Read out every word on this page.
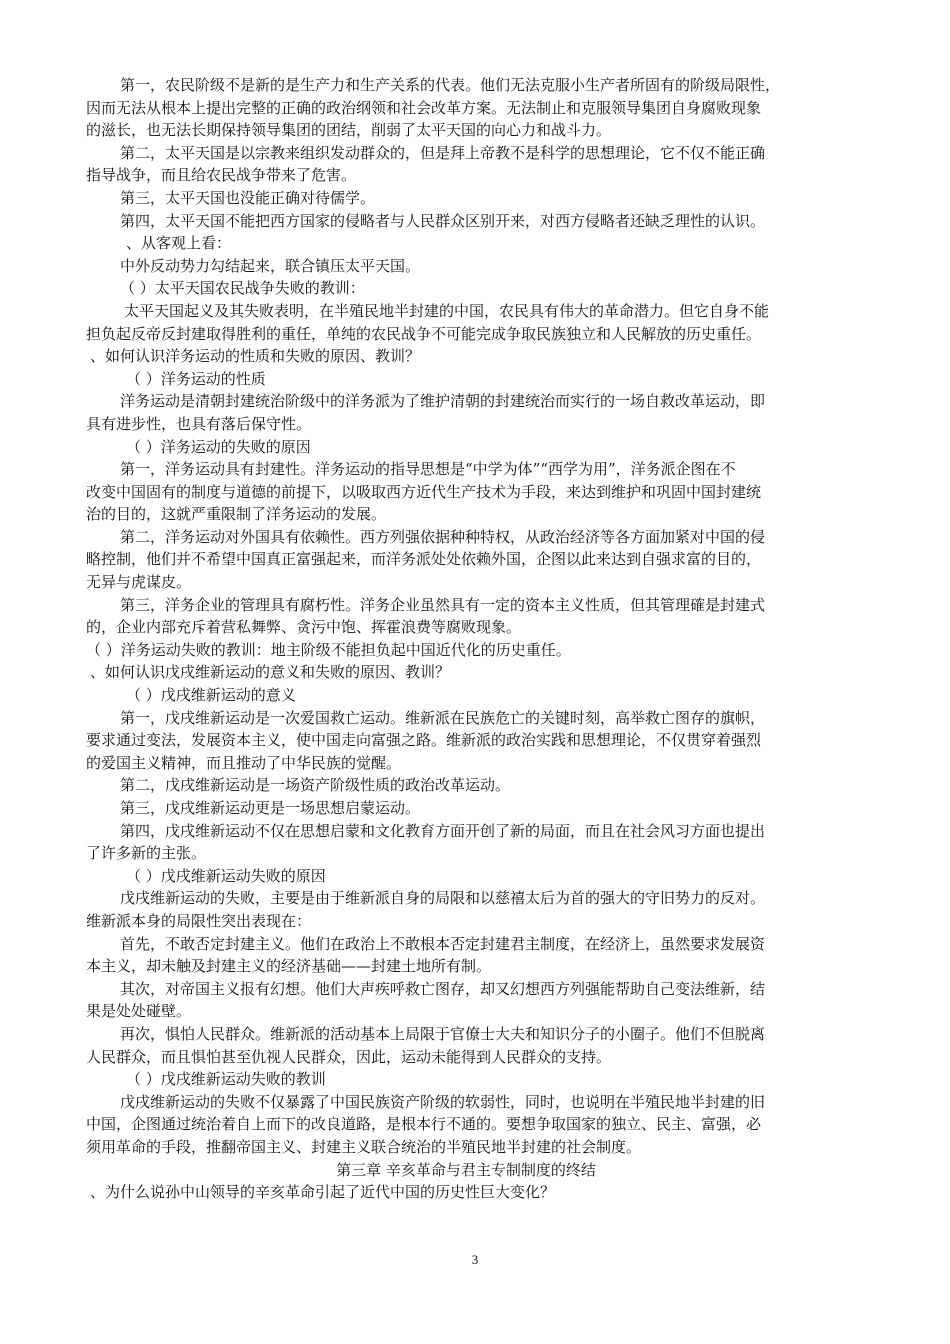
第一，农民阶级不是新的是生产力和生产关系的代表。他们无法克服小生产者所固有的阶级局限性，
因而无法从根本上提出完整的正确的政治纲领和社会改革方案。无法制止和克服领导集团自身腐败现象
的滋长，也无法长期保持领导集团的团结，削弱了太平天国的向心力和战斗力。
第二，太平天国是以宗教来组织发动群众的，但是拜上帝教不是科学的思想理论，它不仅不能正确
指导战争，而且给农民战争带来了危害。
第三，太平天国也没能正确对待儒学。
第四，太平天国不能把西方国家的侵略者与人民群众区别开来，对西方侵略者还缺乏理性的认识。
、从客观上看：
中外反动势力勾结起来，联合镇压太平天国。
（ ）太平天国农民战争失败的教训：
太平天国起义及其失败表明，在半殖民地半封建的中国，农民具有伟大的革命潜力。但它自身不能
担负起反帝反封建取得胜利的重任，单纯的农民战争不可能完成争取民族独立和人民解放的历史重任。
、如何认识洋务运动的性质和失败的原因、教训？
（ ）洋务运动的性质
洋务运动是清朝封建统治阶级中的洋务派为了维护清朝的封建统治而实行的一场自救改革运动，即
具有进步性，也具有落后保守性。
（ ）洋务运动的失败的原因
第一，洋务运动具有封建性。洋务运动的指导思想是“中学为体”“西学为用”，洋务派企图在不
改变中国固有的制度与道德的前提下，以吸取西方近代生产技术为手段，来达到维护和巩固中国封建统
治的目的，这就严重限制了洋务运动的发展。
第二，洋务运动对外国具有依赖性。西方列强依据种种特权，从政治经济等各方面加紧对中国的侵
略控制，他们并不希望中国真正富强起来，而洋务派处处依赖外国，企图以此来达到自强求富的目的，
无异与虎谋皮。
第三，洋务企业的管理具有腐朽性。洋务企业虽然具有一定的资本主义性质，但其管理確是封建式
的，企业内部充斥着营私舞弊、贪污中饱、挥霍浪费等腐败现象。
（ ）洋务运动失败的教训：地主阶级不能担负起中国近代化的历史重任。
、如何认识戊戌维新运动的意义和失败的原因、教训？
（ ）戊戌维新运动的意义
第一，戊戌维新运动是一次爱国救亡运动。维新派在民族危亡的关键时刻，高举救亡图存的旗帜，
要求通过变法，发展资本主义，使中国走向富强之路。维新派的政治实践和思想理论，不仅贯穿着强烈
的爱国主义精神，而且推动了中华民族的觉醒。
第二，戊戌维新运动是一场资产阶级性质的政治改革运动。
第三，戊戌维新运动更是一场思想启蒙运动。
第四，戊戌维新运动不仅在思想启蒙和文化教育方面开创了新的局面，而且在社会风习方面也提出
了许多新的主张。
（ ）戊戌维新运动失败的原因
戊戌维新运动的失败，主要是由于维新派自身的局限和以慈禧太后为首的强大的守旧势力的反对。
维新派本身的局限性突出表现在：
首先，不敢否定封建主义。他们在政治上不敢根本否定封建君主制度，在经济上，虽然要求发展资
本主义，却未触及封建主义的经济基础——封建土地所有制。
其次，对帝国主义报有幻想。他们大声疾呼救亡图存，却又幻想西方列强能帮助自己变法维新，结
果是处处碰壁。
再次，惧怕人民群众。维新派的活动基本上局限于官僚士大夫和知识分子的小圈子。他们不但脱离
人民群众，而且惧怕甚至仇视人民群众，因此，运动未能得到人民群众的支持。
（ ）戊戌维新运动失败的教训
戊戌维新运动的失败不仅暴露了中国民族资产阶级的软弱性，同时，也说明在半殖民地半封建的旧
中国，企图通过统治着自上而下的改良道路，是根本行不通的。要想争取国家的独立、民主、富强，必
须用革命的手段，推翻帝国主义、封建主义联合统治的半殖民地半封建的社会制度。
第三章 辛亥革命与君主专制制度的终结
、为什么说孙中山领导的辛亥革命引起了近代中国的历史性巨大变化？
3
